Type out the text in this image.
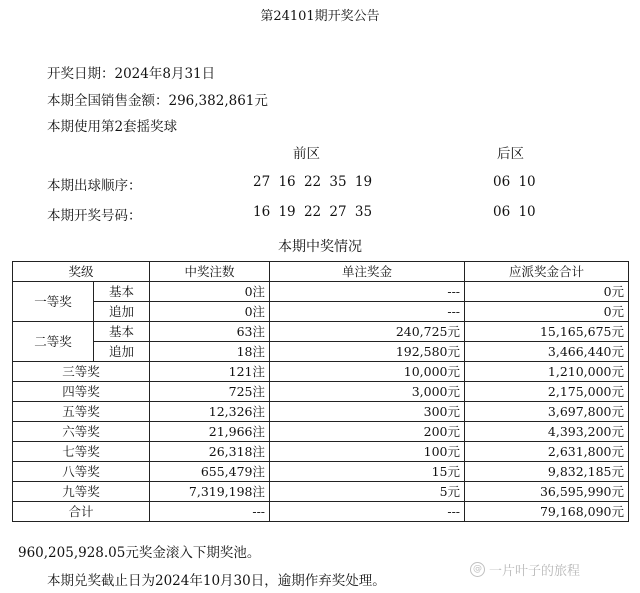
第24101期开奖公告
开奖日期：2024年8月31日
本期全国销售金额：296,382,861元
本期使用第2套摇奖球
前区	后区
本期出球顺序：	27 16 22 35 19	06 10
本期开奖号码：	16 19 22 27 35	06 10
本期中奖情况
奖级		中奖注数	单注奖金	应派奖金合计
一等奖	基本	0注	---	0元
	追加	0注	---	0元
二等奖	基本	63注	240,725元	15,165,675元
	追加	18注	192,580元	3,466,440元
三等奖		121注	10,000元	1,210,000元
四等奖		725注	3,000元	2,175,000元
五等奖		12,326注	300元	3,697,800元
六等奖		21,966注	200元	4,393,200元
七等奖		26,318注	100元	2,631,800元
八等奖		655,479注	15元	9,832,185元
九等奖		7,319,198注	5元	36,595,990元
合计		---	---	79,168,090元
960,205,928.05元奖金滚入下期奖池。
本期兑奖截止日为2024年10月30日，逾期作弃奖处理。
@ 一片叶子的旅程
